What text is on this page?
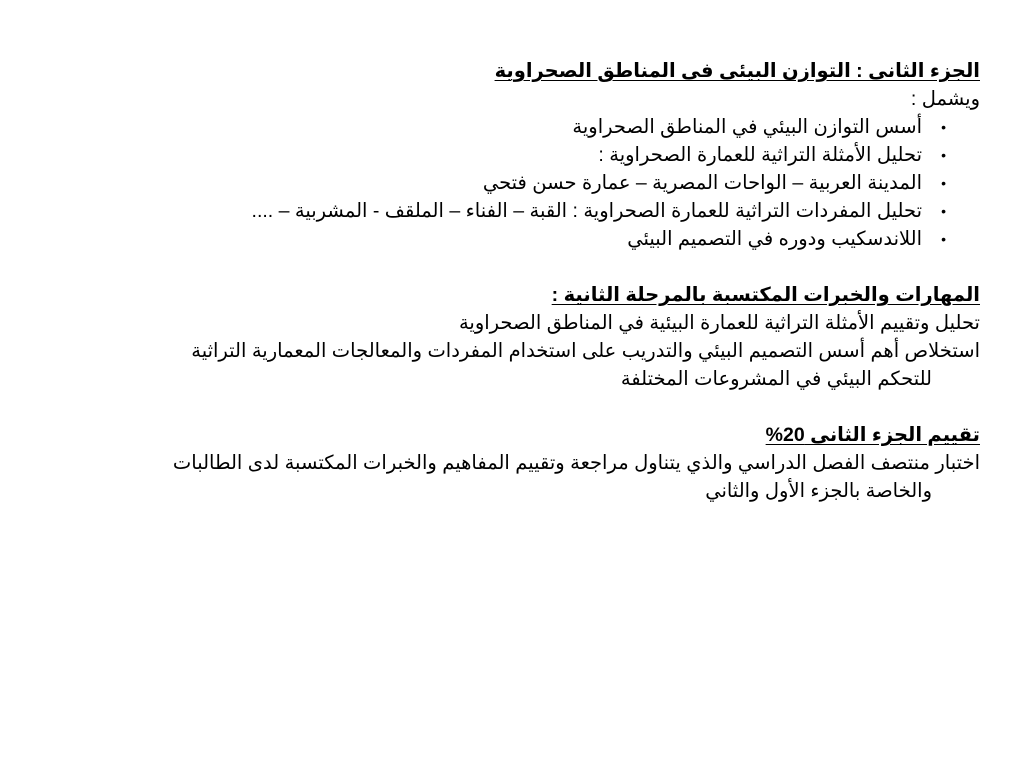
الجزء الثانى : التوازن البيئى فى المناطق الصحراوية

ويشمل :

•
أسس التوازن البيئي في المناطق الصحراوية
•
تحليل الأمثلة التراثية للعمارة الصحراوية :
•
المدينة العربية – الواحات المصرية – عمارة حسن فتحي
•
تحليل المفردات التراثية للعمارة الصحراوية : القبة – الفناء – الملقف - المشربية – ....
•
اللاندسكيب ودوره في التصميم البيئي

المهارات والخبرات المكتسبة بالمرحلة الثانية :

تحليل وتقييم الأمثلة التراثية للعمارة البيئية في المناطق الصحراوية

استخلاص أهم أسس التصميم البيئي والتدريب على استخدام المفردات والمعالجات المعمارية التراثية
للتحكم البيئي في المشروعات المختلفة

تقييم الجزء الثانى 20%

اختبار منتصف الفصل الدراسي والذي يتناول مراجعة وتقييم المفاهيم والخبرات المكتسبة لدى الطالبات
والخاصة بالجزء الأول والثاني
